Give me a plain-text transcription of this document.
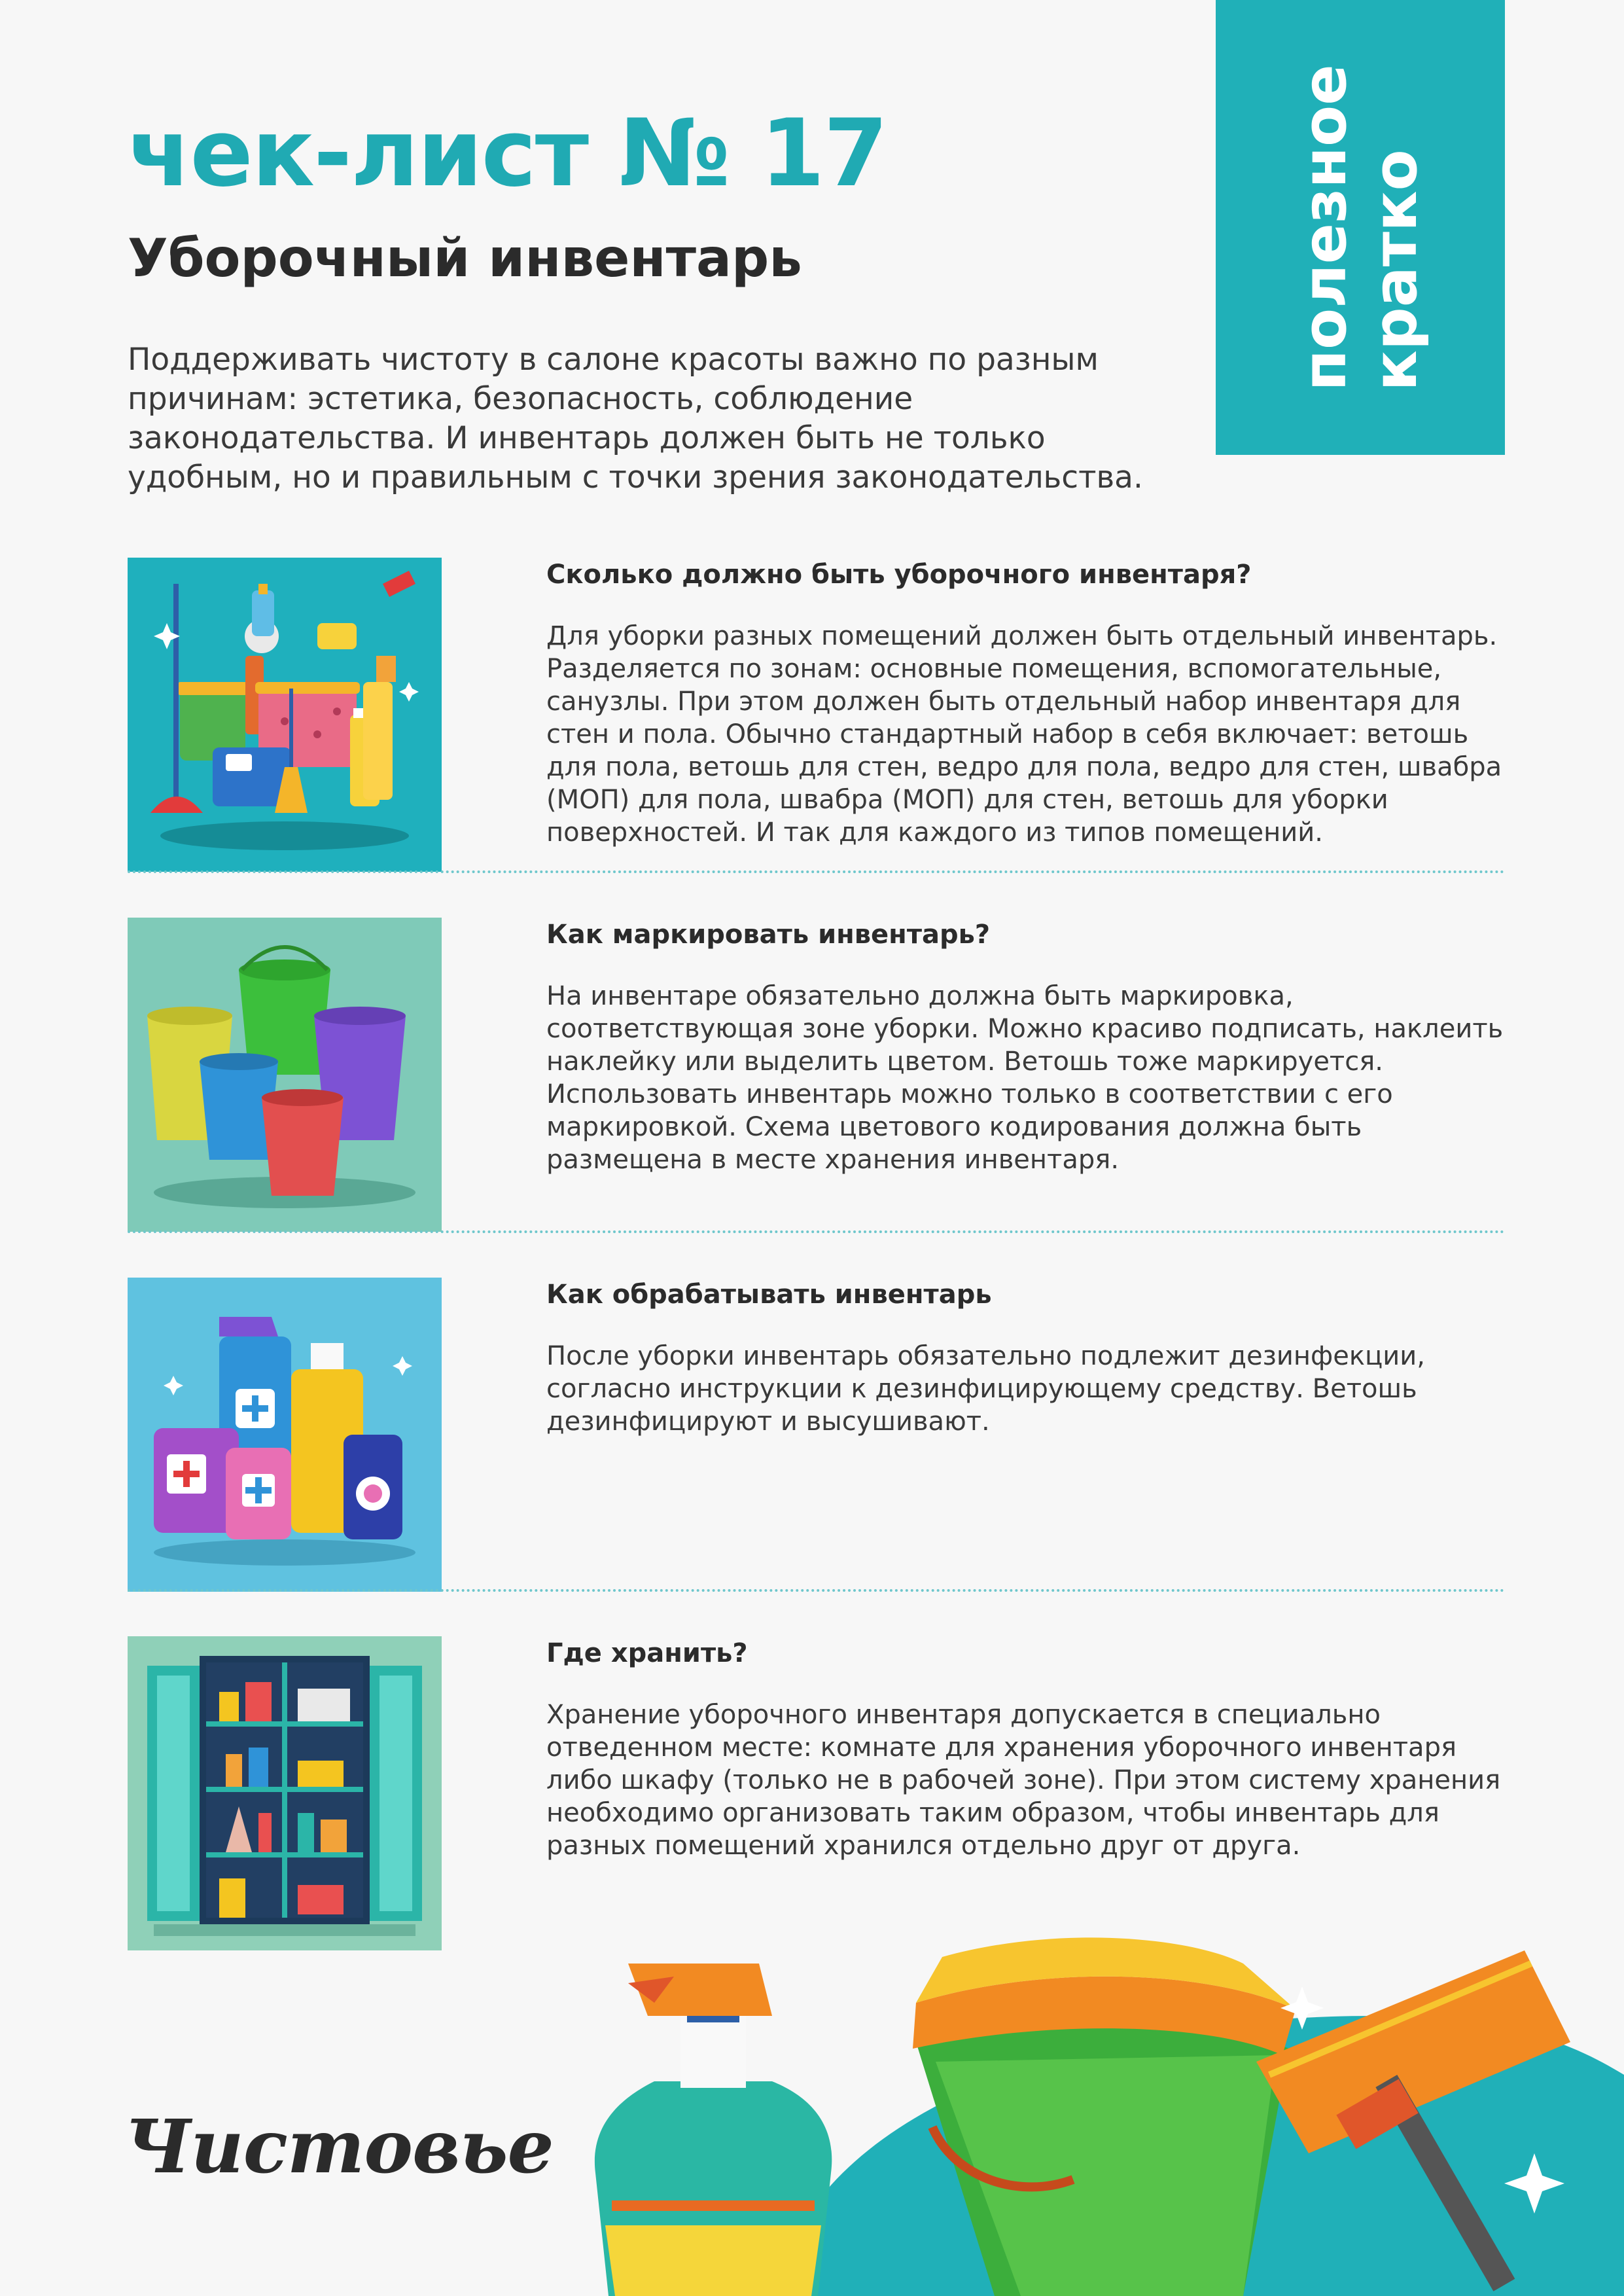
полезное кратко
чек-лист № 17
Уборочный инвентарь

Поддерживать чистоту в салоне красоты важно по разным причинам: эстетика, безопасность, соблюдение законодательства. И инвентарь должен быть не только удобным, но и правильным с точки зрения законодательства.

Сколько должно быть уборочного инвентаря?

Для уборки разных помещений должен быть отдельный инвентарь. Разделяется по зонам: основные помещения, вспомогательные, санузлы. При этом должен быть отдельный набор инвентаря для стен и пола. Обычно стандартный набор в себя включает: ветошь для пола, ветошь для стен, ведро для пола, ведро для стен, швабра (МОП) для пола, швабра (МОП) для стен, ветошь для уборки поверхностей. И так для каждого из типов помещений.

Как маркировать инвентарь?

На инвентаре обязательно должна быть маркировка, соответствующая зоне уборки. Можно красиво подписать, наклеить наклейку или выделить цветом. Ветошь тоже маркируется. Использовать инвентарь можно только в соответствии с его маркировкой. Схема цветового кодирования должна быть размещена в месте хранения инвентаря.

Как обрабатывать инвентарь

После уборки инвентарь обязательно подлежит дезинфекции, согласно инструкции к дезинфицирующему средству. Ветошь дезинфицируют и высушивают.

Где хранить?

Хранение уборочного инвентаря допускается в специально отведенном месте: комнате для хранения уборочного инвентаря либо шкафу (только не в рабочей зоне). При этом систему хранения необходимо организовать таким образом, чтобы инвентарь для разных помещений хранился отдельно друг от друга.

Чистовье
